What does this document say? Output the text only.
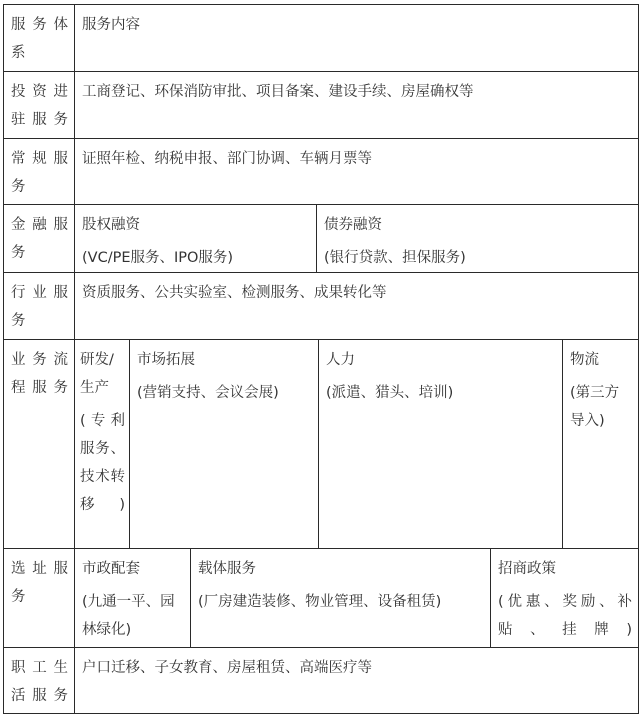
服务体系
服务内容
投资进驻服务
工商登记、环保消防审批、项目备案、建设手续、房屋确权等
常规服务
证照年检、纳税申报、部门协调、车辆月票等
金融服务
股权融资
(VC/PE服务、IPO服务)
债券融资
(银行贷款、担保服务)
行业服务
资质服务、公共实验室、检测服务、成果转化等
业务流程服务
研发/生产
(专利服务、技术转移)
市场拓展
(营销支持、会议会展)
人力
(派遣、猎头、培训)
物流
(第三方导入)
选址服务
市政配套
(九通一平、园林绿化)
载体服务
(厂房建造装修、物业管理、设备租赁)
招商政策
(优惠、奖励、补贴、挂牌)
职工生活服务
户口迁移、子女教育、房屋租赁、高端医疗等
